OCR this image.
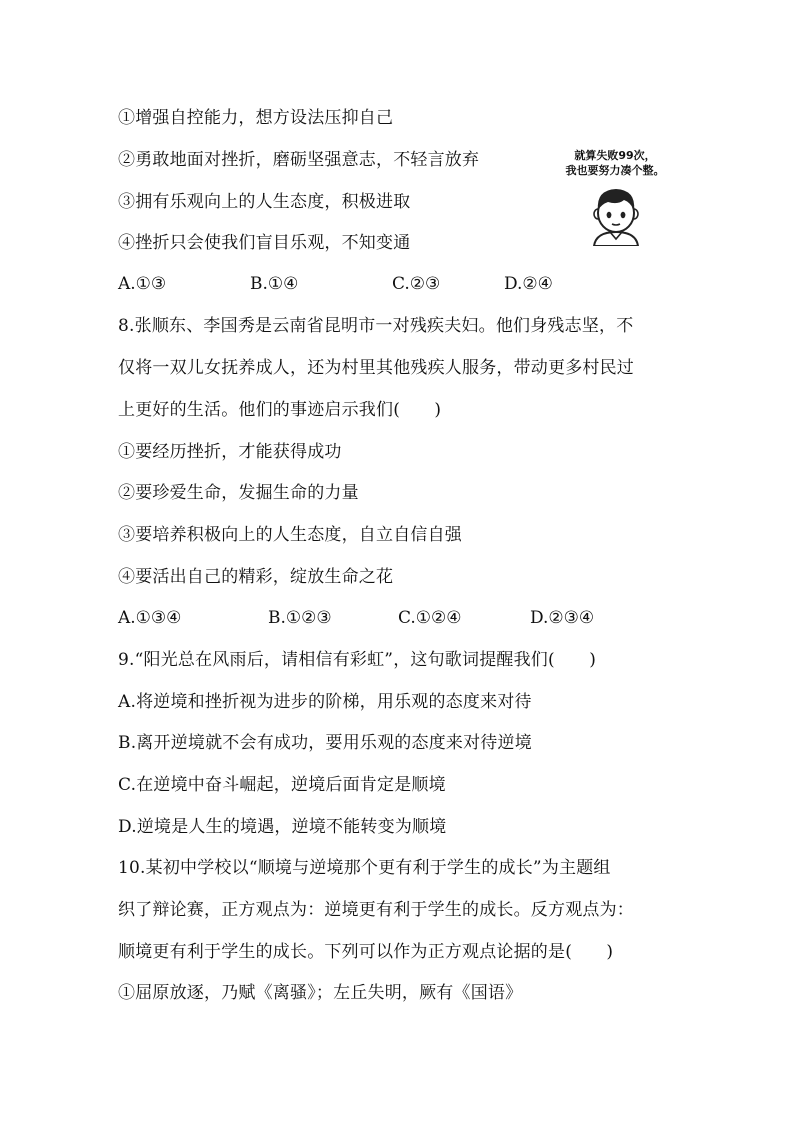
①增强自控能力，想方设法压抑自己
②勇敢地面对挫折，磨砺坚强意志，不轻言放弃
③拥有乐观向上的人生态度，积极进取
④挫折只会使我们盲目乐观，不知变通
就算失败99次，
我也要努力凑个整。
A.①③	B.①④	C.②③	D.②④
8.张顺东、李国秀是云南省昆明市一对残疾夫妇。他们身残志坚，不
仅将一双儿女抚养成人，还为村里其他残疾人服务，带动更多村民过
上更好的生活。他们的事迹启示我们(　　)
①要经历挫折，才能获得成功
②要珍爱生命，发掘生命的力量
③要培养积极向上的人生态度，自立自信自强
④要活出自己的精彩，绽放生命之花
A.①③④	B.①②③	C.①②④	D.②③④
9.“阳光总在风雨后，请相信有彩虹”，这句歌词提醒我们(　　)
A.将逆境和挫折视为进步的阶梯，用乐观的态度来对待
B.离开逆境就不会有成功，要用乐观的态度来对待逆境
C.在逆境中奋斗崛起，逆境后面肯定是顺境
D.逆境是人生的境遇，逆境不能转变为顺境
10.某初中学校以“顺境与逆境那个更有利于学生的成长”为主题组
织了辩论赛，正方观点为：逆境更有利于学生的成长。反方观点为：
顺境更有利于学生的成长。下列可以作为正方观点论据的是(　　)
①屈原放逐，乃赋《离骚》；左丘失明，厥有《国语》
